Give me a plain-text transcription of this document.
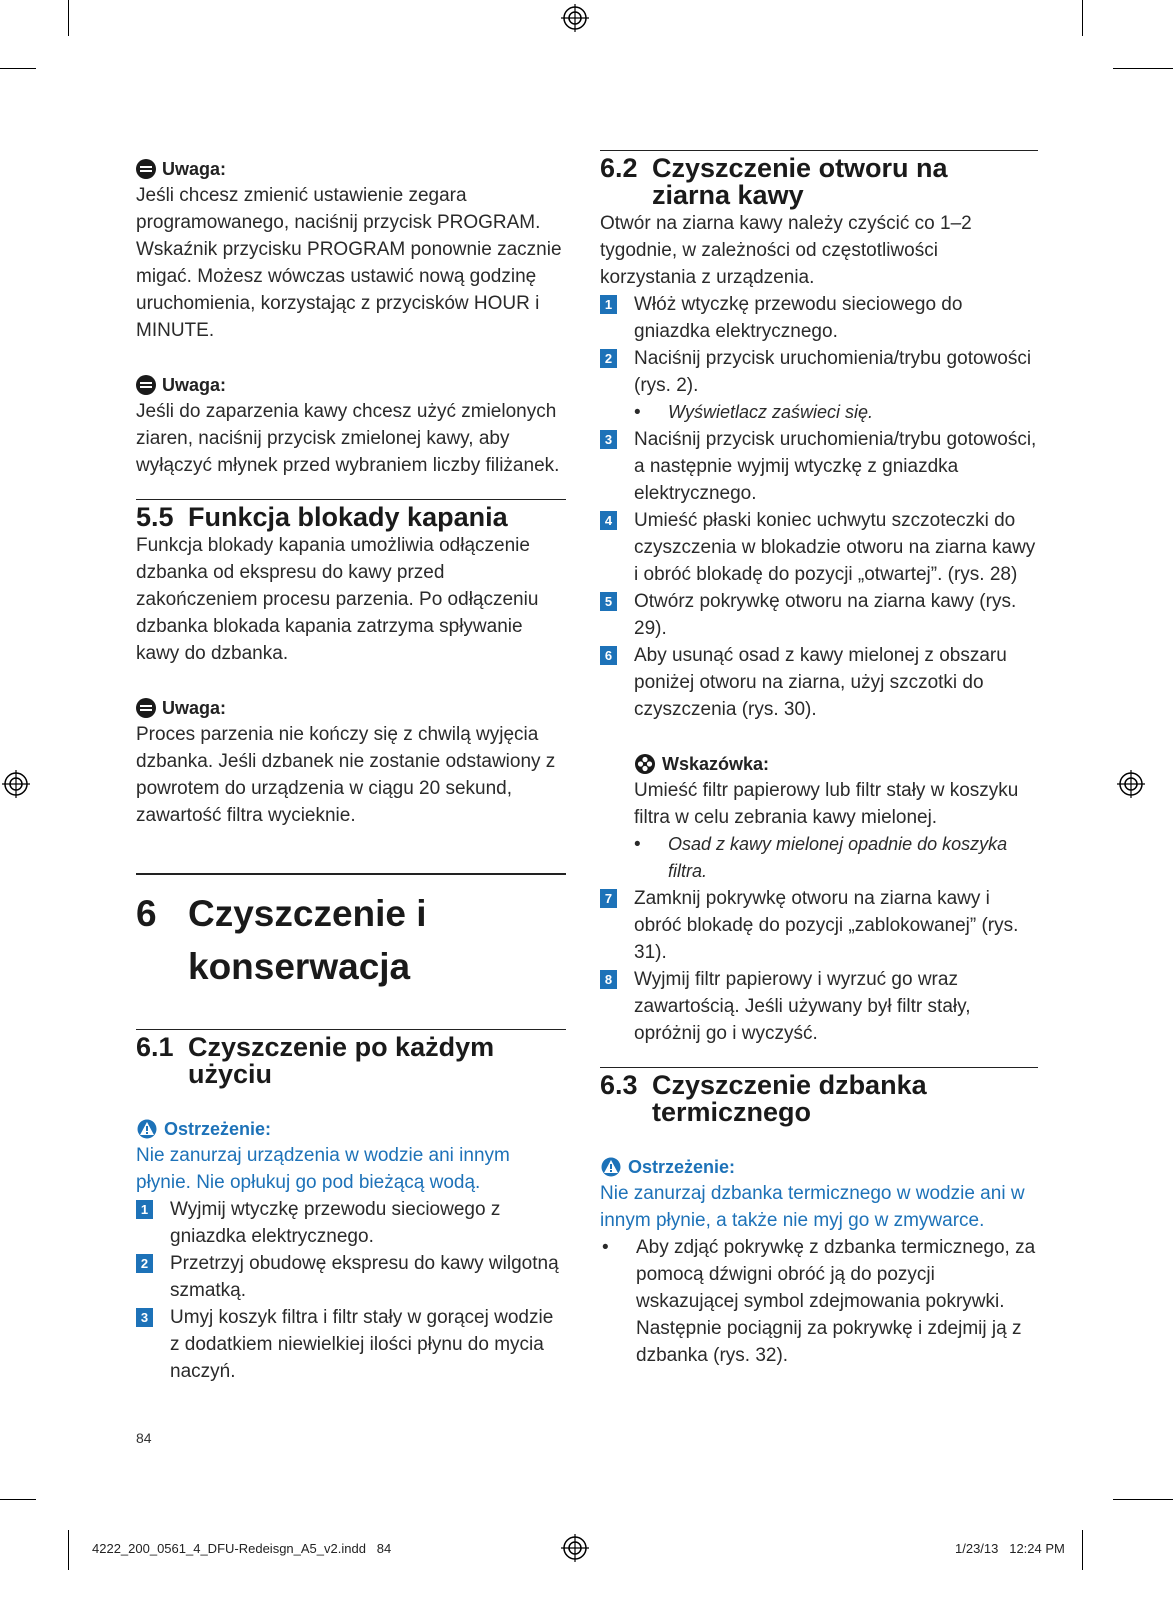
Uwaga:
Jeśli chcesz zmienić ustawienie zegara programowanego, naciśnij przycisk PROGRAM. Wskaźnik przycisku PROGRAM ponownie zacznie migać. Możesz wówczas ustawić nową godzinę uruchomienia, korzystając z przycisków HOUR i MINUTE.
Uwaga:
Jeśli do zaparzenia kawy chcesz użyć zmielonych ziaren, naciśnij przycisk zmielonej kawy, aby wyłączyć młynek przed wybraniem liczby filiżanek.
5.5 Funkcja blokady kapania
Funkcja blokady kapania umożliwia odłączenie dzbanka od ekspresu do kawy przed zakończeniem procesu parzenia. Po odłączeniu dzbanka blokada kapania zatrzyma spływanie kawy do dzbanka.
Uwaga:
Proces parzenia nie kończy się z chwilą wyjęcia dzbanka. Jeśli dzbanek nie zostanie odstawiony z powrotem do urządzenia w ciągu 20 sekund, zawartość filtra wycieknie.
6 Czyszczenie i
konserwacja
6.1 Czyszczenie po każdym
użyciu
Ostrzeżenie:
Nie zanurzaj urządzenia w wodzie ani innym płynie. Nie opłukuj go pod bieżącą wodą.
1 Wyjmij wtyczkę przewodu sieciowego z gniazdka elektrycznego.
2 Przetrzyj obudowę ekspresu do kawy wilgotną szmatką.
3 Umyj koszyk filtra i filtr stały w gorącej wodzie z dodatkiem niewielkiej ilości płynu do mycia naczyń.
84
6.2 Czyszczenie otworu na
ziarna kawy
Otwór na ziarna kawy należy czyścić co 1–2 tygodnie, w zależności od częstotliwości korzystania z urządzenia.
1 Włóż wtyczkę przewodu sieciowego do gniazdka elektrycznego.
2 Naciśnij przycisk uruchomienia/trybu gotowości (rys. 2).
•	Wyświetlacz zaświeci się.
3 Naciśnij przycisk uruchomienia/trybu gotowości, a następnie wyjmij wtyczkę z gniazdka elektrycznego.
4 Umieść płaski koniec uchwytu szczoteczki do czyszczenia w blokadzie otworu na ziarna kawy i obróć blokadę do pozycji „otwartej”. (rys. 28)
5 Otwórz pokrywkę otworu na ziarna kawy (rys. 29).
6 Aby usunąć osad z kawy mielonej z obszaru poniżej otworu na ziarna, użyj szczotki do czyszczenia (rys. 30).
Wskazówka:
Umieść filtr papierowy lub filtr stały w koszyku filtra w celu zebrania kawy mielonej.
•	Osad z kawy mielonej opadnie do koszyka filtra.
7 Zamknij pokrywkę otworu na ziarna kawy i obróć blokadę do pozycji „zablokowanej” (rys. 31).
8 Wyjmij filtr papierowy i wyrzuć go wraz zawartością. Jeśli używany był filtr stały, opróżnij go i wyczyść.
6.3 Czyszczenie dzbanka
termicznego
Ostrzeżenie:
Nie zanurzaj dzbanka termicznego w wodzie ani w innym płynie, a także nie myj go w zmywarce.
•	Aby zdjąć pokrywkę z dzbanka termicznego, za pomocą dźwigni obróć ją do pozycji wskazującej symbol zdejmowania pokrywki. Następnie pociągnij za pokrywkę i zdejmij ją z dzbanka (rys. 32).
4222_200_0561_4_DFU-Redeisgn_A5_v2.indd   84	1/23/13   12:24 PM
